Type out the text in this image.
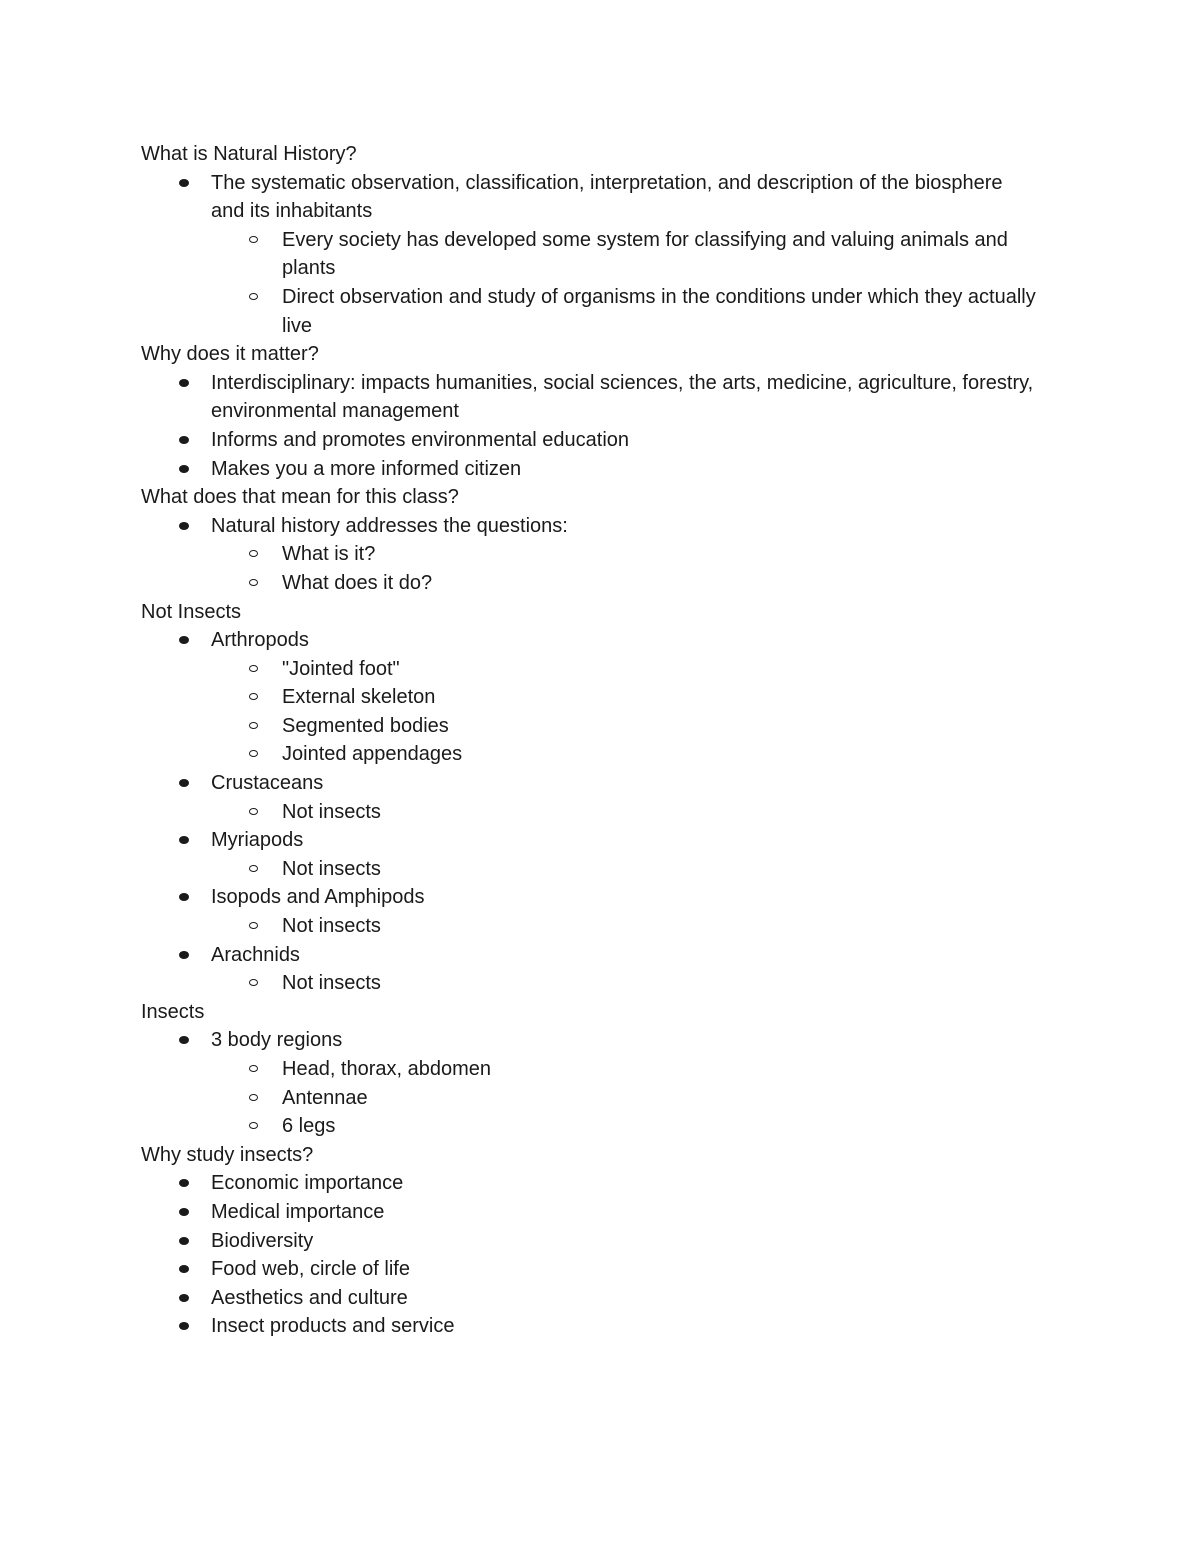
What is Natural History?
The systematic observation, classification, interpretation, and description of the biosphere and its inhabitants
Every society has developed some system for classifying and valuing animals and plants
Direct observation and study of organisms in the conditions under which they actually live
Why does it matter?
Interdisciplinary: impacts humanities, social sciences, the arts, medicine, agriculture, forestry, environmental management
Informs and promotes environmental education
Makes you a more informed citizen
What does that mean for this class?
Natural history addresses the questions:
What is it?
What does it do?
Not Insects
Arthropods
"Jointed foot"
External skeleton
Segmented bodies
Jointed appendages
Crustaceans
Not insects
Myriapods
Not insects
Isopods and Amphipods
Not insects
Arachnids
Not insects
Insects
3 body regions
Head, thorax, abdomen
Antennae
6 legs
Why study insects?
Economic importance
Medical importance
Biodiversity
Food web, circle of life
Aesthetics and culture
Insect products and service
